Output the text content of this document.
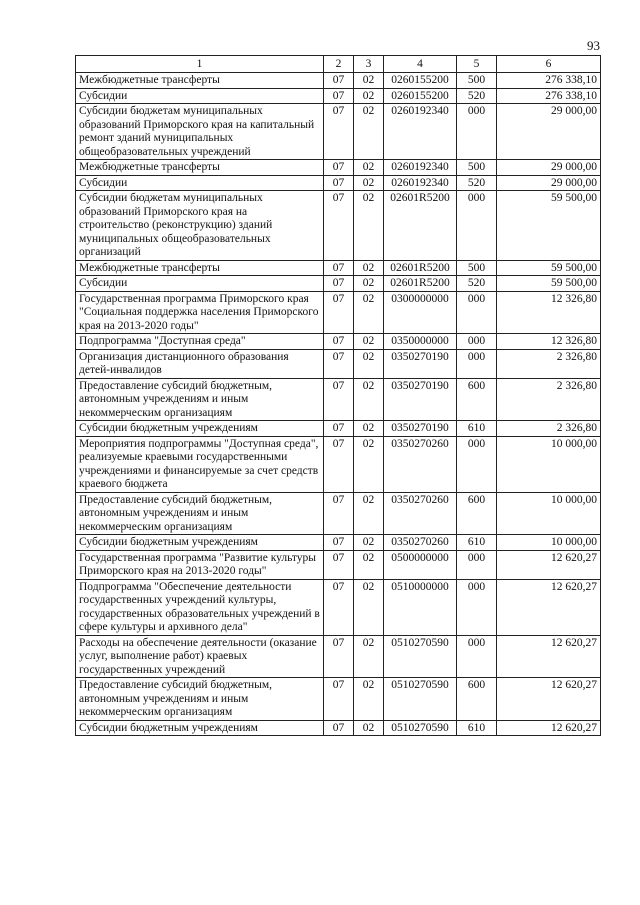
93
1	2	3	4	5	6
Межбюджетные трансферты	07	02	0260155200	500	276 338,10
Субсидии	07	02	0260155200	520	276 338,10
Субсидии бюджетам муниципальных образований Приморского края на капитальный ремонт зданий муниципальных общеобразовательных учреждений	07	02	0260192340	000	29 000,00
Межбюджетные трансферты	07	02	0260192340	500	29 000,00
Субсидии	07	02	0260192340	520	29 000,00
Субсидии бюджетам муниципальных образований Приморского края на строительство (реконструкцию) зданий муниципальных общеобразовательных организаций	07	02	02601R5200	000	59 500,00
Межбюджетные трансферты	07	02	02601R5200	500	59 500,00
Субсидии	07	02	02601R5200	520	59 500,00
Государственная программа Приморского края "Социальная поддержка населения Приморского края на 2013-2020 годы"	07	02	0300000000	000	12 326,80
Подпрограмма "Доступная среда"	07	02	0350000000	000	12 326,80
Организация дистанционного образования детей-инвалидов	07	02	0350270190	000	2 326,80
Предоставление субсидий бюджетным, автономным учреждениям и иным некоммерческим организациям	07	02	0350270190	600	2 326,80
Субсидии бюджетным учреждениям	07	02	0350270190	610	2 326,80
Мероприятия подпрограммы "Доступная среда", реализуемые краевыми государственными учреждениями и финансируемые за счет средств краевого бюджета	07	02	0350270260	000	10 000,00
Предоставление субсидий бюджетным, автономным учреждениям и иным некоммерческим организациям	07	02	0350270260	600	10 000,00
Субсидии бюджетным учреждениям	07	02	0350270260	610	10 000,00
Государственная программа "Развитие культуры Приморского края на 2013-2020 годы"	07	02	0500000000	000	12 620,27
Подпрограмма "Обеспечение деятельности государственных учреждений культуры, государственных образовательных учреждений в сфере культуры и архивного дела"	07	02	0510000000	000	12 620,27
Расходы на обеспечение деятельности (оказание услуг, выполнение работ) краевых государственных учреждений	07	02	0510270590	000	12 620,27
Предоставление субсидий бюджетным, автономным учреждениям и иным некоммерческим организациям	07	02	0510270590	600	12 620,27
Субсидии бюджетным учреждениям	07	02	0510270590	610	12 620,27
